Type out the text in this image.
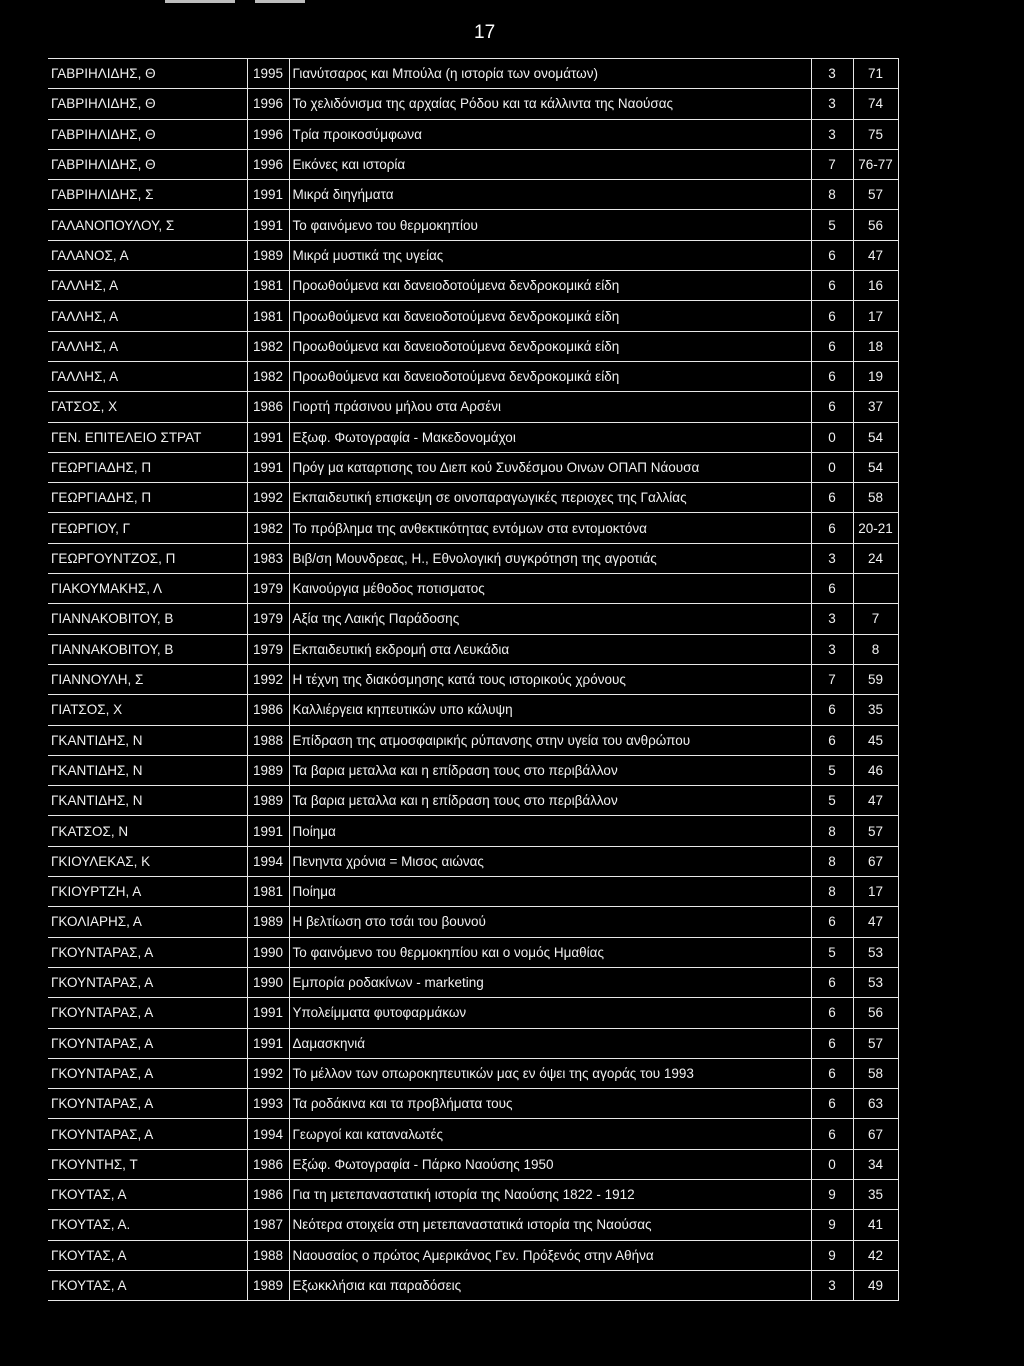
17
ΓΑΒΡΙΗΛΙΔΗΣ, Θ	1995	Γιανύτσαρος και Μπούλα (η ιστορία των ονομάτων)	3	71
ΓΑΒΡΙΗΛΙΔΗΣ, Θ	1996	Το χελιδόνισμα της αρχαίας Ρόδου και τα κάλλιντα της Ναούσας	3	74
ΓΑΒΡΙΗΛΙΔΗΣ, Θ	1996	Τρία προικοσύμφωνα	3	75
ΓΑΒΡΙΗΛΙΔΗΣ, Θ	1996	Εικόνες και ιστορία	7	76-77
ΓΑΒΡΙΗΛΙΔΗΣ, Σ	1991	Μικρά διηγήματα	8	57
ΓΑΛΑΝΟΠΟΥΛΟΥ, Σ	1991	Το φαινόμενο του θερμοκηπίου	5	56
ΓΑΛΑΝΟΣ, Α	1989	Μικρά μυστικά της υγείας	6	47
ΓΑΛΛΗΣ, Α	1981	Προωθούμενα και δανειοδοτούμενα δενδροκομικά είδη	6	16
ΓΑΛΛΗΣ, Α	1981	Προωθούμενα και δανειοδοτούμενα δενδροκομικά είδη	6	17
ΓΑΛΛΗΣ, Α	1982	Προωθούμενα και δανειοδοτούμενα δενδροκομικά είδη	6	18
ΓΑΛΛΗΣ, Α	1982	Προωθούμενα και δανειοδοτούμενα δενδροκομικά είδη	6	19
ΓΑΤΣΟΣ, Χ	1986	Γιορτή πράσινου μήλου στα Αρσένι	6	37
ΓΕΝ. ΕΠΙΤΕΛΕΙΟ ΣΤΡΑΤ	1991	Εξωφ. Φωτογραφία - Μακεδονομάχοι	0	54
ΓΕΩΡΓΙΑΔΗΣ, Π	1991	Πρόγ μα καταρτισης του Διεπ κού Συνδέσμου Οινων ΟΠΑΠ Νάουσα	0	54
ΓΕΩΡΓΙΑΔΗΣ, Π	1992	Εκπαιδευτική επισκεψη σε οινοπαραγωγικές περιοχες της Γαλλίας	6	58
ΓΕΩΡΓΙΟΥ, Γ	1982	Το πρόβλημα της ανθεκτικότητας εντόμων στα εντομοκτόνα	6	20-21
ΓΕΩΡΓΟΥΝΤΖΟΣ, Π	1983	Βιβ/ση Μουνδρεας, Η., Εθνολογική συγκρότηση της αγροτιάς	3	24
ΓΙΑΚΟΥΜΑΚΗΣ, Λ	1979	Καινούργια μέθοδος ποτισματος	6	
ΓΙΑΝΝΑΚΟΒΙΤΟΥ, Β	1979	Αξία της Λαικής Παράδοσης	3	7
ΓΙΑΝΝΑΚΟΒΙΤΟΥ, Β	1979	Εκπαιδευτική εκδρομή στα Λευκάδια	3	8
ΓΙΑΝΝΟΥΛΗ, Σ	1992	Η τέχνη της διακόσμησης κατά τους ιστορικούς χρόνους	7	59
ΓΙΑΤΣΟΣ, Χ	1986	Καλλιέργεια κηπευτικών υπο κάλυψη	6	35
ΓΚΑΝΤΙΔΗΣ, Ν	1988	Επίδραση της ατμοσφαιρικής ρύπανσης στην υγεία του ανθρώπου	6	45
ΓΚΑΝΤΙΔΗΣ, Ν	1989	Τα βαρια μεταλλα και η επίδραση τους στο περιβάλλον	5	46
ΓΚΑΝΤΙΔΗΣ, Ν	1989	Τα βαρια μεταλλα και η επίδραση τους στο περιβάλλον	5	47
ΓΚΑΤΣΟΣ, Ν	1991	Ποίημα	8	57
ΓΚΙΟΥΛΕΚΑΣ, Κ	1994	Πενηντα χρόνια = Μισος αιώνας	8	67
ΓΚΙΟΥΡΤΖΗ, Α	1981	Ποίημα	8	17
ΓΚΟΛΙΑΡΗΣ, Α	1989	Η βελτίωση στο τσάι του βουνού	6	47
ΓΚΟΥΝΤΑΡΑΣ, Α	1990	Το φαινόμενο του θερμοκηπίου και ο νομός Ημαθίας	5	53
ΓΚΟΥΝΤΑΡΑΣ, Α	1990	Εμπορία ροδακίνων - marketing	6	53
ΓΚΟΥΝΤΑΡΑΣ, Α	1991	Υπολείμματα φυτοφαρμάκων	6	56
ΓΚΟΥΝΤΑΡΑΣ, Α	1991	Δαμασκηνιά	6	57
ΓΚΟΥΝΤΑΡΑΣ, Α	1992	Το μέλλον των οπωροκηπευτικών μας εν όψει της αγοράς του 1993	6	58
ΓΚΟΥΝΤΑΡΑΣ, Α	1993	Τα ροδάκινα και τα προβλήματα τους	6	63
ΓΚΟΥΝΤΑΡΑΣ, Α	1994	Γεωργοί και καταναλωτές	6	67
ΓΚΟΥΝΤΗΣ, Τ	1986	Εξώφ. Φωτογραφία - Πάρκο Ναούσης 1950	0	34
ΓΚΟΥΤΑΣ, Α	1986	Για τη μετεπαναστατική ιστορία της Ναούσης 1822 - 1912	9	35
ΓΚΟΥΤΑΣ, Α.	1987	Νεότερα στοιχεία στη μετεπαναστατικά ιστορία της Ναούσας	9	41
ΓΚΟΥΤΑΣ, Α	1988	Ναουσαίος ο πρώτος Αμερικάνος Γεν. Πρόξενός στην Αθήνα	9	42
ΓΚΟΥΤΑΣ, Α	1989	Εξωκκλήσια και παραδόσεις	3	49
